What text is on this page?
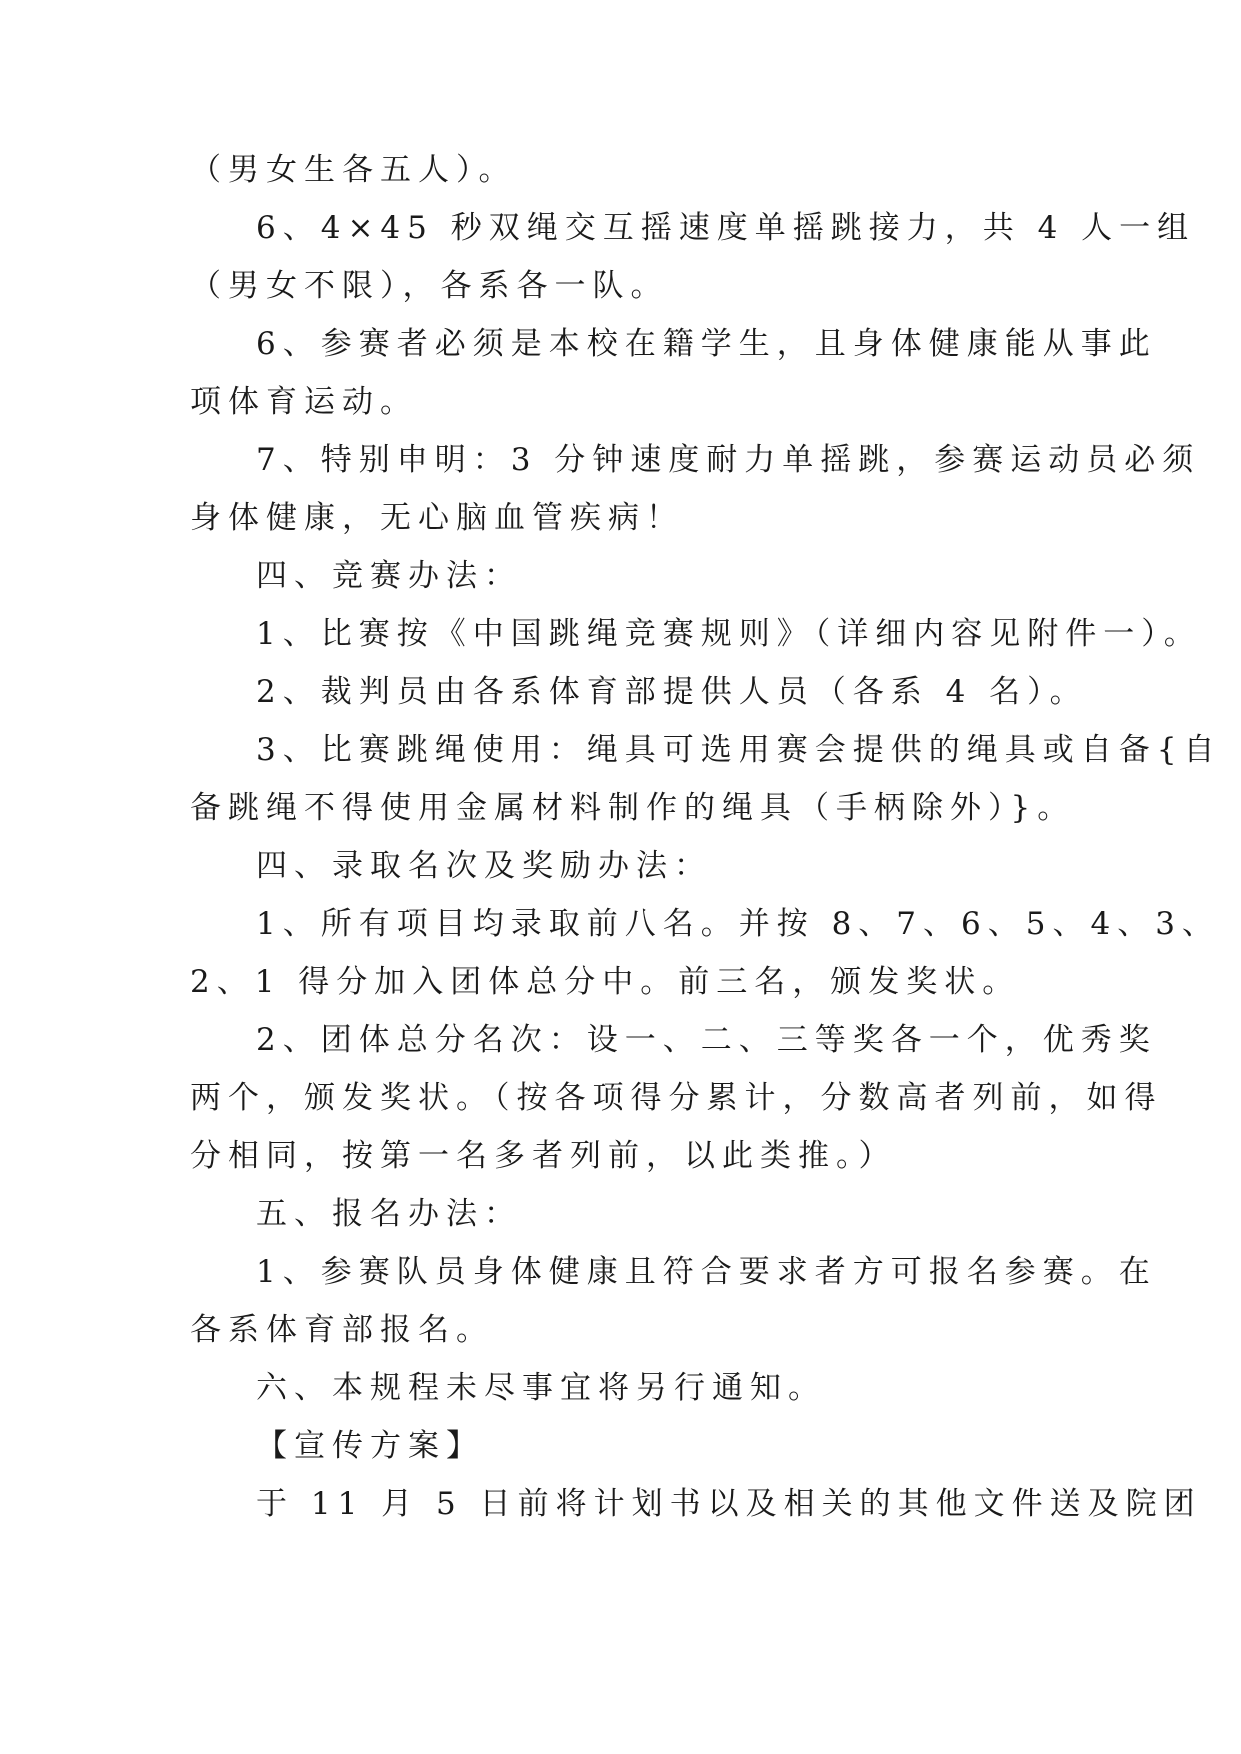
（男女生各五人）。
6、4×45 秒双绳交互摇速度单摇跳接力，共 4 人一组
（男女不限），各系各一队。
6、参赛者必须是本校在籍学生，且身体健康能从事此
项体育运动。
7、特别申明：3 分钟速度耐力单摇跳，参赛运动员必须
身体健康，无心脑血管疾病！
四、竞赛办法：
1、比赛按《中国跳绳竞赛规则》（详细内容见附件一）。
2、裁判员由各系体育部提供人员（各系 4 名）。
3、比赛跳绳使用：绳具可选用赛会提供的绳具或自备{自
备跳绳不得使用金属材料制作的绳具（手柄除外）}。
四、录取名次及奖励办法：
1、所有项目均录取前八名。并按 8、7、6、5、4、3、
2、1 得分加入团体总分中。前三名，颁发奖状。
2、团体总分名次：设一、二、三等奖各一个，优秀奖
两个，颁发奖状。（按各项得分累计，分数高者列前，如得
分相同，按第一名多者列前，以此类推。）
五、报名办法：
1、参赛队员身体健康且符合要求者方可报名参赛。在
各系体育部报名。
六、本规程未尽事宜将另行通知。
【宣传方案】
于 11 月 5 日前将计划书以及相关的其他文件送及院团
